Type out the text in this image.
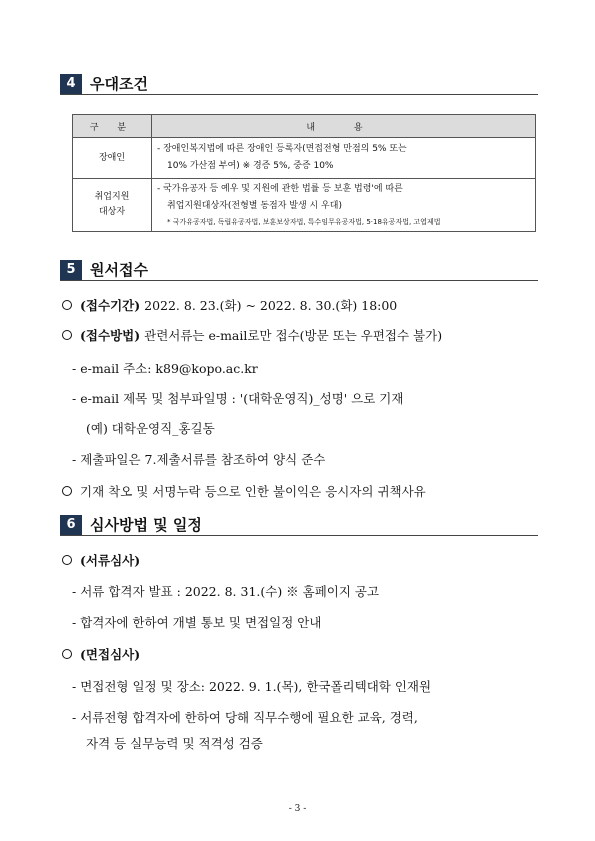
4 우대조건
구 분	내 용
장애인	- 장애인복지법에 따른 장애인 등록자(면접전형 만점의 5% 또는

10% 가산점 부여) ※ 경증 5%, 중증 10%

취업지원
대상자	- 국가유공자 등 예우 및 지원에 관한 법률 등 보훈 법령'에 따른

취업지원대상자(전형별 동점자 발생 시 우대)
* 국가유공자법, 독립유공자법, 보훈보상자법, 특수임무유공자법, 5·18유공자법, 고엽제법
5 원서접수
(접수기간) 2022. 8. 23.(화) ~ 2022. 8. 30.(화) 18:00
(접수방법) 관련서류는 e-mail로만 접수(방문 또는 우편접수 불가)
- e-mail 주소: k89@kopo.ac.kr
- e-mail 제목 및 첨부파일명 : '(대학운영직)_성명' 으로 기재
(예) 대학운영직_홍길동
- 제출파일은 7.제출서류를 참조하여 양식 준수
기재 착오 및 서명누락 등으로 인한 불이익은 응시자의 귀책사유
6 심사방법 및 일정
(서류심사)
- 서류 합격자 발표 : 2022. 8. 31.(수) ※ 홈페이지 공고
- 합격자에 한하여 개별 통보 및 면접일정 안내
(면접심사)
- 면접전형 일정 및 장소: 2022. 9. 1.(목), 한국폴리텍대학 인재원
- 서류전형 합격자에 한하여 당해 직무수행에 필요한 교육, 경력,
자격 등 실무능력 및 적격성 검증
- 3 -
